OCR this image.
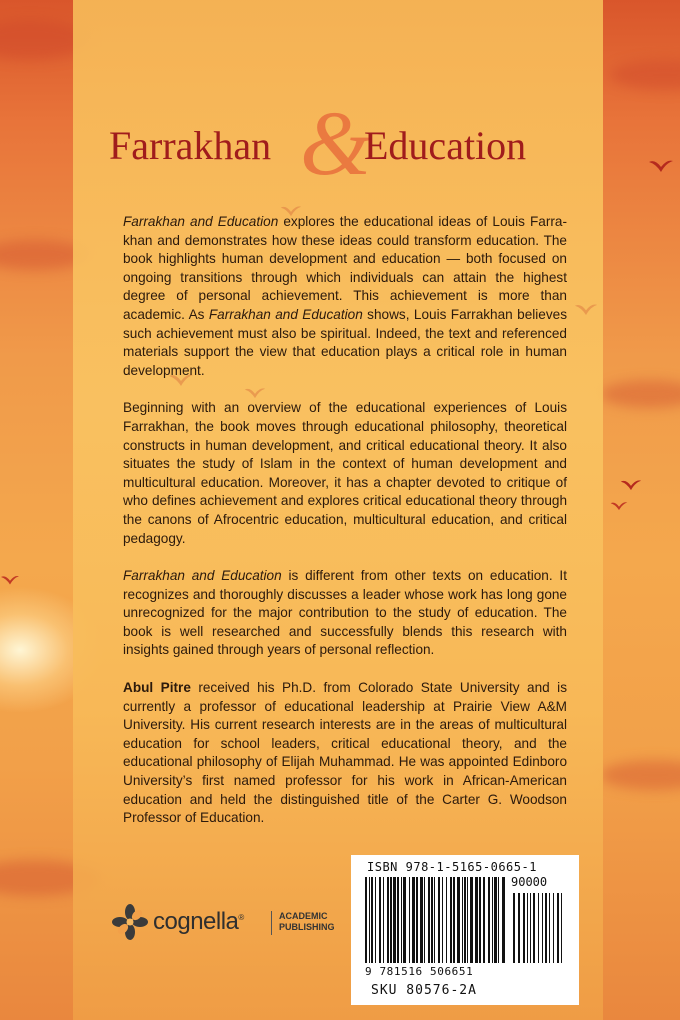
&
Farrakhan Education

Farrakhan and Education explores the educational ideas of Louis Farrakhan and demonstrates how these ideas could transform education. The book highlights human development and education — both focused on ongoing transitions through which individuals can attain the highest degree of personal achievement. This achievement is more than academic. As Farrakhan and Education shows, Louis Farrakhan believes such achievement must also be spiritual. Indeed, the text and referenced materials support the view that education plays a critical role in human development.

Beginning with an overview of the educational experiences of Louis Farrakhan, the book moves through educational philosophy, theoretical constructs in human development, and critical educational theory. It also situates the study of Islam in the context of human development and multicultural education. Moreover, it has a chapter devoted to critique of who defines achievement and explores critical educational theory through the canons of Afrocentric education, multicultural education, and critical pedagogy.

Farrakhan and Education is different from other texts on education. It recognizes and thoroughly discusses a leader whose work has long gone unrecognized for the major contribution to the study of education. The book is well researched and successfully blends this research with insights gained through years of personal reflection.

Abul Pitre received his Ph.D. from Colorado State University and is currently a professor of educational leadership at Prairie View A&M University. His current research interests are in the areas of multicultural education for school leaders, critical educational theory, and the educational philosophy of Elijah Muhammad. He was appointed Edinboro University’s first named professor for his work in African-American education and held the distinguished title of the Carter G. Woodson Professor of Education.

cognella®	ACADEMIC
PUBLISHING
ISBN 978-1-5165-0665-1
90000
9 781516 506651
SKU 80576-2A
